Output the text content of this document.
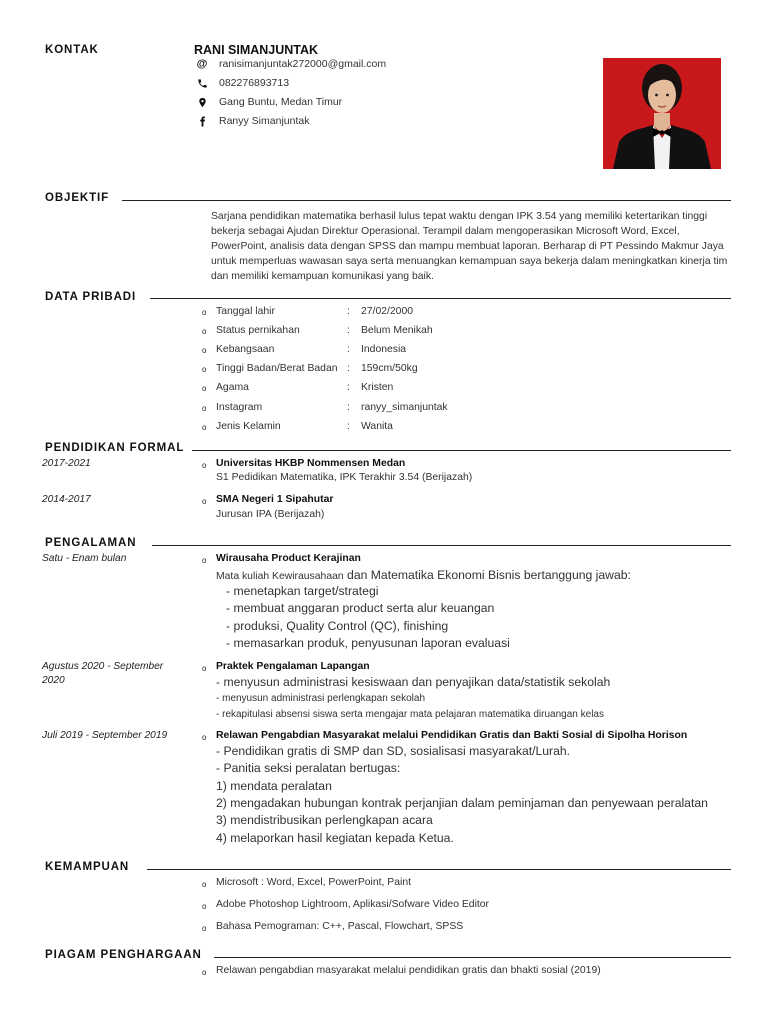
KONTAK	RANI SIMANJUNTAK
@ ranisimanjuntak272000@gmail.com
082276893713
Gang Buntu, Medan Timur
Ranyy Simanjuntak
OBJEKTIF
Sarjana pendidikan matematika berhasil lulus tepat waktu dengan IPK 3.54 yang memiliki ketertarikan tinggi bekerja sebagai Ajudan Direktur Operasional. Terampil dalam mengoperasikan Microsoft Word, Excel, PowerPoint, analisis data dengan SPSS dan mampu membuat laporan. Berharap di PT Pessindo Makmur Jaya untuk memperluas wawasan saya serta menuangkan kemampuan saya bekerja dalam meningkatkan kinerja tim dan memiliki kemampuan komunikasi yang baik.
DATA PRIBADI
o Tanggal lahir	: 27/02/2000
o Status pernikahan	: Belum Menikah
o Kebangsaan	: Indonesia
o Tinggi Badan/Berat Badan : 159cm/50kg
o Agama	: Kristen
o Instagram	: ranyy_simanjuntak
o Jenis Kelamin	: Wanita
PENDIDIKAN FORMAL
2017-2021	o Universitas HKBP Nommensen Medan
S1 Pedidikan Matematika, IPK Terakhir 3.54 (Berijazah)
2014-2017	o SMA Negeri 1 Sipahutar
Jurusan IPA (Berijazah)
PENGALAMAN
Satu - Enam bulan	o Wirausaha Product Kerajinan
Mata kuliah Kewirausahaan dan Matematika Ekonomi Bisnis bertanggung jawab:
- menetapkan target/strategi
- membuat anggaran product serta alur keuangan
- produksi, Quality Control (QC), finishing
- memasarkan produk, penyusunan laporan evaluasi
Agustus 2020 - September 2020
o Praktek Pengalaman Lapangan
- menyusun administrasi kesiswaan dan penyajikan data/statistik sekolah
- menyusun administrasi perlengkapan sekolah
- rekapitulasi absensi siswa serta mengajar mata pelajaran matematika diruangan kelas
Juli 2019 - September 2019	o Relawan Pengabdian Masyarakat melalui Pendidikan Gratis dan Bakti Sosial di Sipolha Horison
- Pendidikan gratis di SMP dan SD, sosialisasi masyarakat/Lurah.
- Panitia seksi peralatan bertugas:
1) mendata peralatan
2) mengadakan hubungan kontrak perjanjian dalam peminjaman dan penyewaan peralatan
3) mendistribusikan perlengkapan acara
4) melaporkan hasil kegiatan kepada Ketua.
KEMAMPUAN
o Microsoft : Word, Excel, PowerPoint, Paint
o Adobe Photoshop Lightroom, Aplikasi/Sofware Video Editor
o Bahasa Pemograman: C++, Pascal, Flowchart, SPSS
PIAGAM PENGHARGAAN
o Relawan pengabdian masyarakat melalui pendidikan gratis dan bhakti sosial (2019)
